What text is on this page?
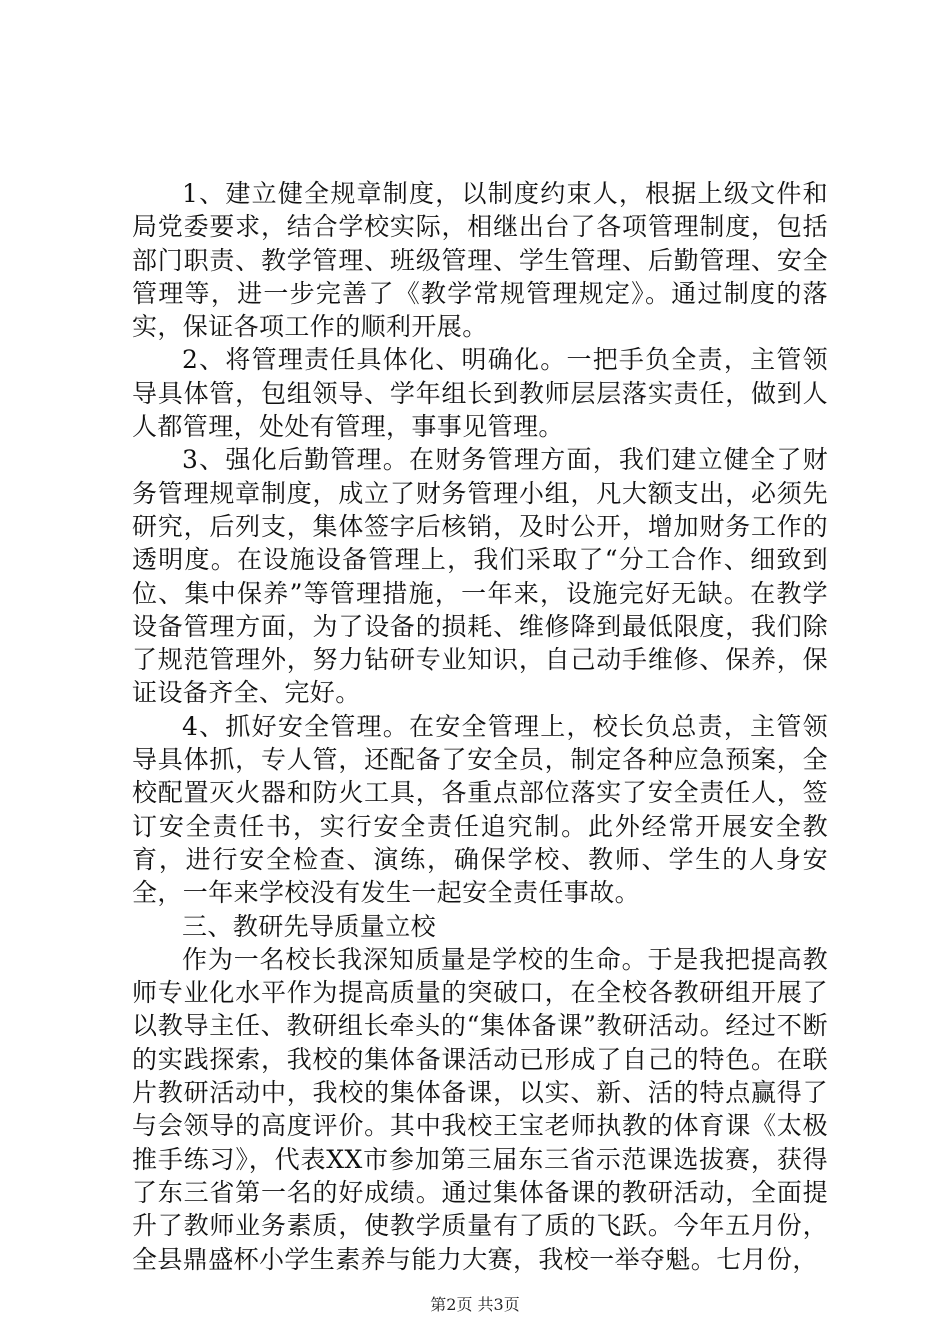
1、建立健全规章制度，以制度约束人，根据上级文件和局党委要求，结合学校实际，相继出台了各项管理制度，包括部门职责、教学管理、班级管理、学生管理、后勤管理、安全管理等，进一步完善了《教学常规管理规定》。通过制度的落实，保证各项工作的顺利开展。

2、将管理责任具体化、明确化。一把手负全责，主管领导具体管，包组领导、学年组长到教师层层落实责任，做到人人都管理，处处有管理，事事见管理。

3、强化后勤管理。在财务管理方面，我们建立健全了财务管理规章制度，成立了财务管理小组，凡大额支出，必须先研究，后列支，集体签字后核销，及时公开，增加财务工作的透明度。在设施设备管理上，我们采取了“分工合作、细致到位、集中保养”等管理措施，一年来，设施完好无缺。在教学设备管理方面，为了设备的损耗、维修降到最低限度，我们除了规范管理外，努力钻研专业知识，自己动手维修、保养，保证设备齐全、完好。

4、抓好安全管理。在安全管理上，校长负总责，主管领导具体抓，专人管，还配备了安全员，制定各种应急预案，全校配置灭火器和防火工具，各重点部位落实了安全责任人，签订安全责任书，实行安全责任追究制。此外经常开展安全教育，进行安全检查、演练，确保学校、教师、学生的人身安全，一年来学校没有发生一起安全责任事故。

三、教研先导质量立校

作为一名校长我深知质量是学校的生命。于是我把提高教师专业化水平作为提高质量的突破口，在全校各教研组开展了以教导主任、教研组长牵头的“集体备课”教研活动。经过不断的实践探索，我校的集体备课活动已形成了自己的特色。在联片教研活动中，我校的集体备课，以实、新、活的特点赢得了与会领导的高度评价。其中我校王宝老师执教的体育课《太极推手练习》，代表XX市参加第三届东三省示范课选拔赛，获得了东三省第一名的好成绩。通过集体备课的教研活动，全面提升了教师业务素质，使教学质量有了质的飞跃。今年五月份，全县鼎盛杯小学生素养与能力大赛，我校一举夺魁。七月份，

第2页 共3页
